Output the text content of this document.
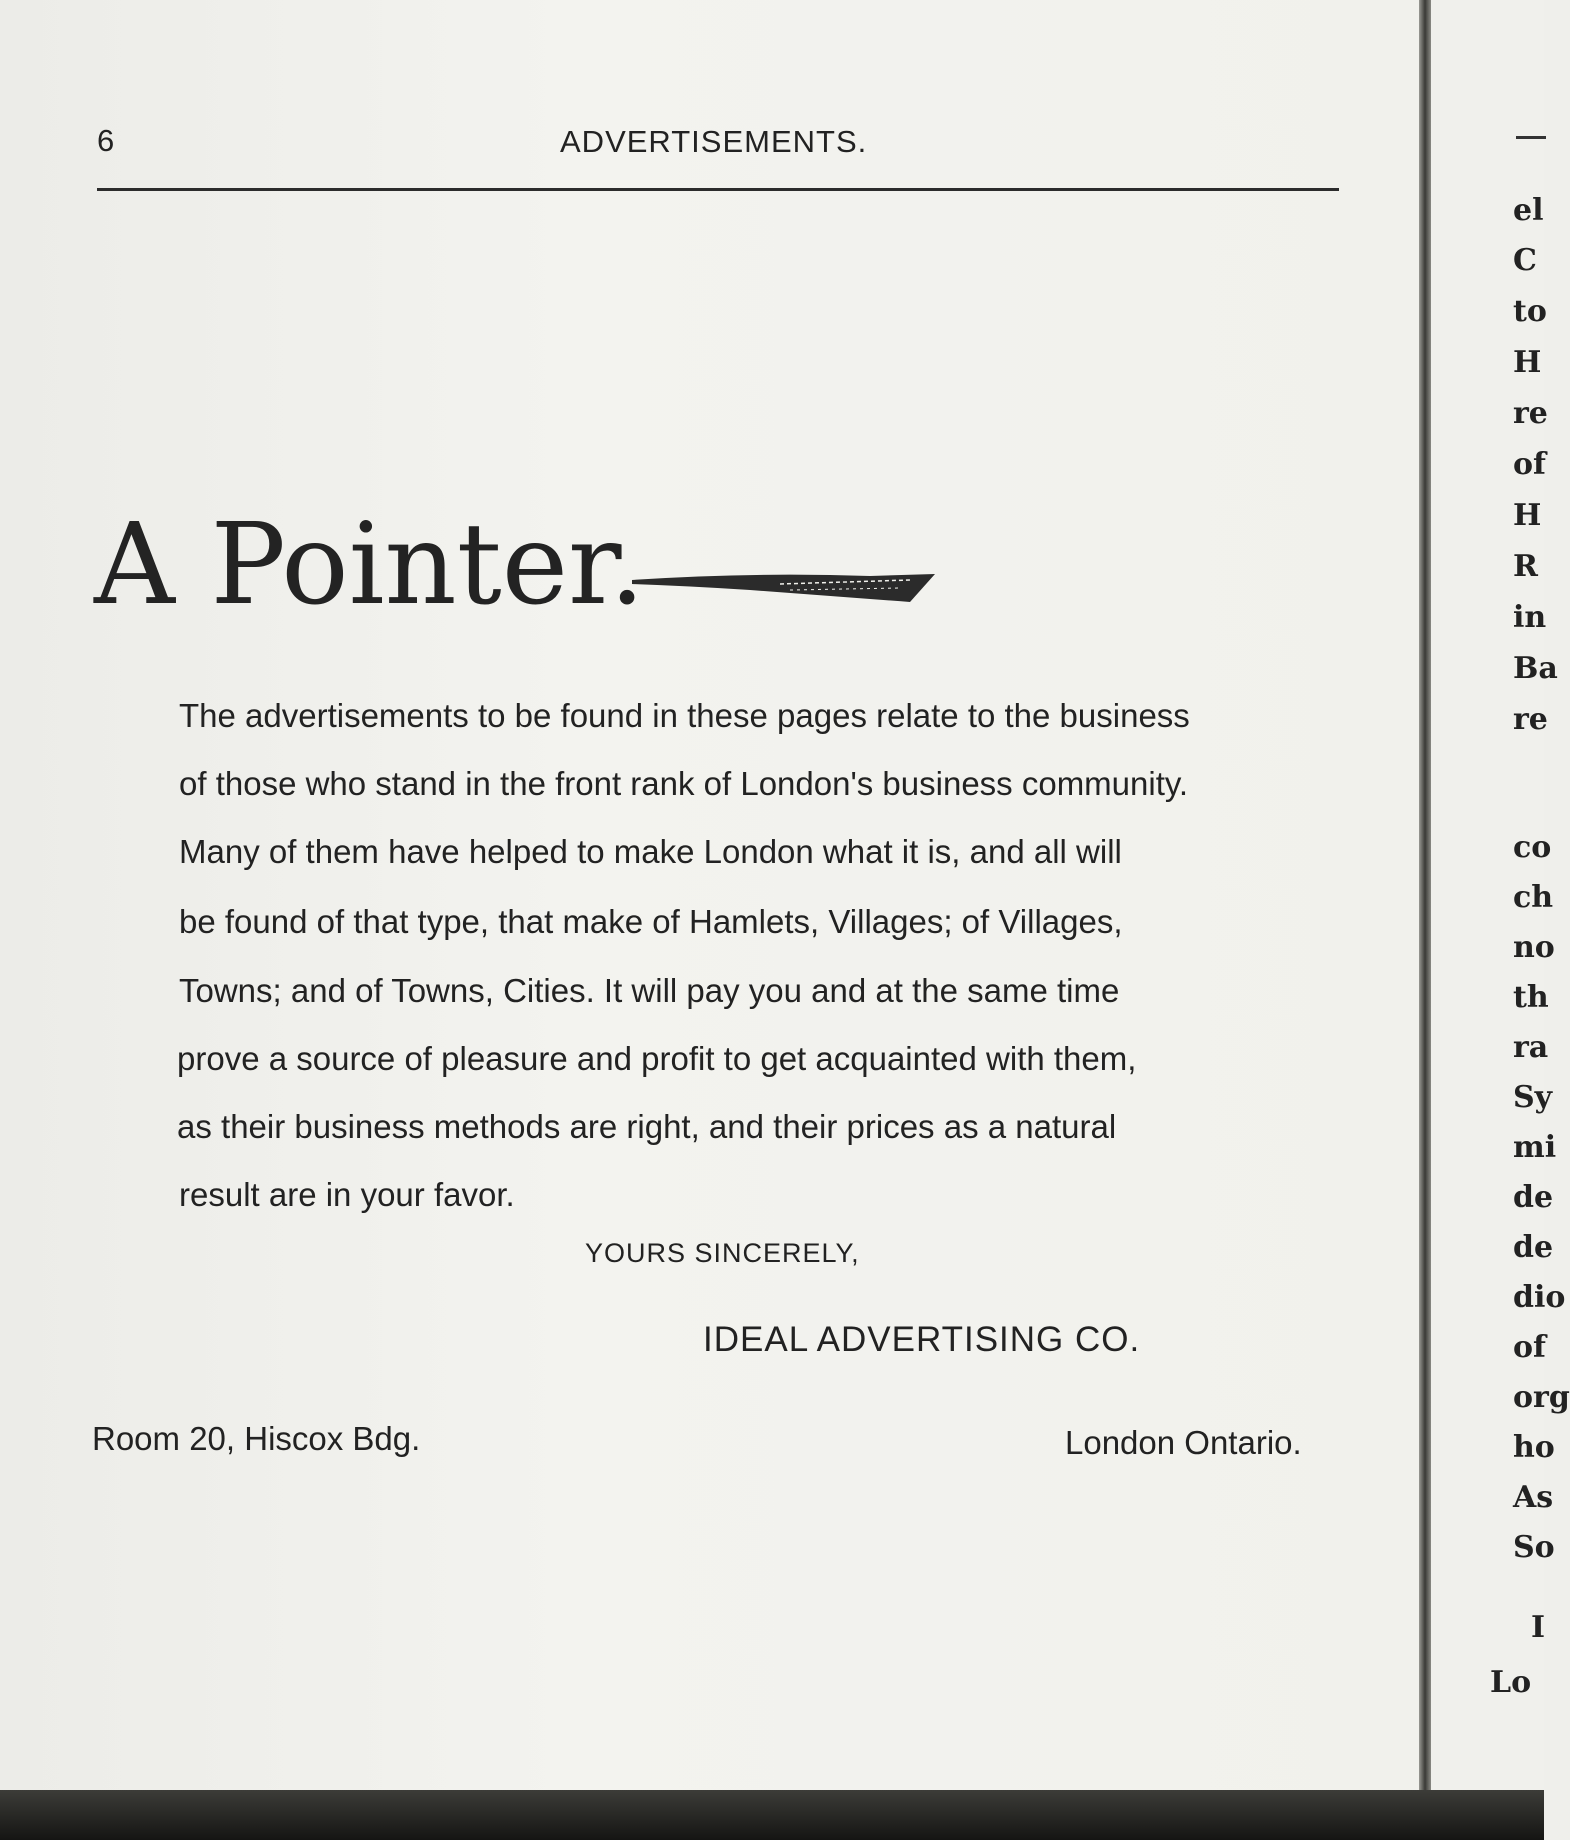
6	ADVERTISEMENTS.
A Pointer.
The advertisements to be found in these pages relate to the business
of those who stand in the front rank of London's business community.
Many of them have helped to make London what it is, and all will
be found of that type, that make of Hamlets, Villages; of Villages,
Towns; and of Towns, Cities. It will pay you and at the same time
prove a source of pleasure and profit to get acquainted with them,
as their business methods are right, and their prices as a natural
result are in your favor.
YOURS SINCERELY,
IDEAL ADVERTISING CO.
Room 20, Hiscox Bdg.	London Ontario.
el
C
to
H
re
of
H
R
in
Ba
re
co
ch
no
th
ra
Sy
mi
de
de
dio
of
org
ho
As
So
I
Lo
